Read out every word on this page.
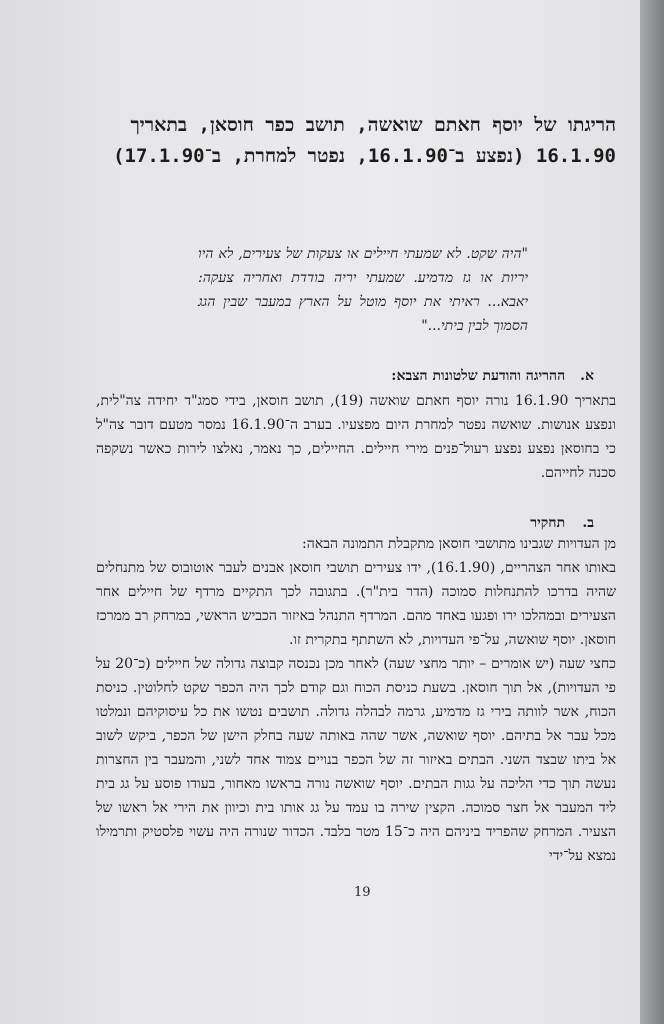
הריגתו של יוסף חאתם שואשה, תושב כפר חוסאן, בתאריך
16.1.90 (נפצע ב־16.1.90, נפטר למחרת, ב־17.1.90)
"היה שקט. לא שמעתי חיילים או צעקות של צעירים, לא היו יריות או גז מדמיע. שמעתי יריה בודדת ואחריה צעקה: יאבא... ראיתי את יוסף מוטל על הארץ במעבר שבין הגג הסמוך לבין ביתי..."
א. ההריגה והודעת שלטונות הצבא:

בתאריך 16.1.90 נורה יוסף חאתם שואשה (19), תושב חוסאן, בידי סמג"ד יחידה צה"לית, ונפצע אנושות. שואשה נפטר למחרת היום מפצעיו. בערב ה־16.1.90 נמסר מטעם דובר צה"ל כי בחוסאן נפצע נפצע רעול־פנים מירי חיילים. החיילים, כך נאמר, נאלצו לירות כאשר נשקפה סכנה לחייהם.

ב. תחקיר

מן העדויות שגבינו מתושבי חוסאן מתקבלת התמונה הבאה:

באותו אחר הצהריים, (16.1.90), ידו צעירים תושבי חוסאן אבנים לעבר אוטובוס של מתנחלים שהיה בדרכו להתנחלות סמוכה (הדר בית"ר). בתגובה לכך התקיים מרדף של חיילים אחר הצעירים ובמהלכו ירו ופגעו באחד מהם. המרדף התנהל באיזור הכביש הראשי, במרחק רב ממרכז חוסאן. יוסף שואשה, על־פי העדויות, לא השתתף בתקרית זו.

כחצי שעה (יש אומרים – יותר מחצי שעה) לאחר מכן נכנסה קבוצה גדולה של חיילים (כ־20 על פי העדויות), אל תוך חוסאן. בשעת כניסת הכוח וגם קודם לכך היה הכפר שקט לחלוטין. כניסת הכוח, אשר לוותה בירי גז מדמיע, גרמה לבהלה גדולה. תושבים נטשו את כל עיסוקיהם ונמלטו מכל עבר אל בתיהם. יוסף שואשה, אשר שהה באותה שעה בחלק הישן של הכפר, ביקש לשוב אל ביתו שבצד השני. הבתים באיזור זה של הכפר בנויים צמוד אחד לשני, והמעבר בין החצרות נעשה תוך כדי הליכה על גגות הבתים. יוסף שואשה נורה בראשו מאחור, בעודו פוסע על גג בית ליד המעבר אל חצר סמוכה. הקצין שירה בו עמד על גג אותו בית וכיוון את הירי אל ראשו של הצעיר. המרחק שהפריד ביניהם היה כ־15 מטר בלבד. הכדור שנורה היה עשוי פלסטיק ותרמילו נמצא על־ידי

19
